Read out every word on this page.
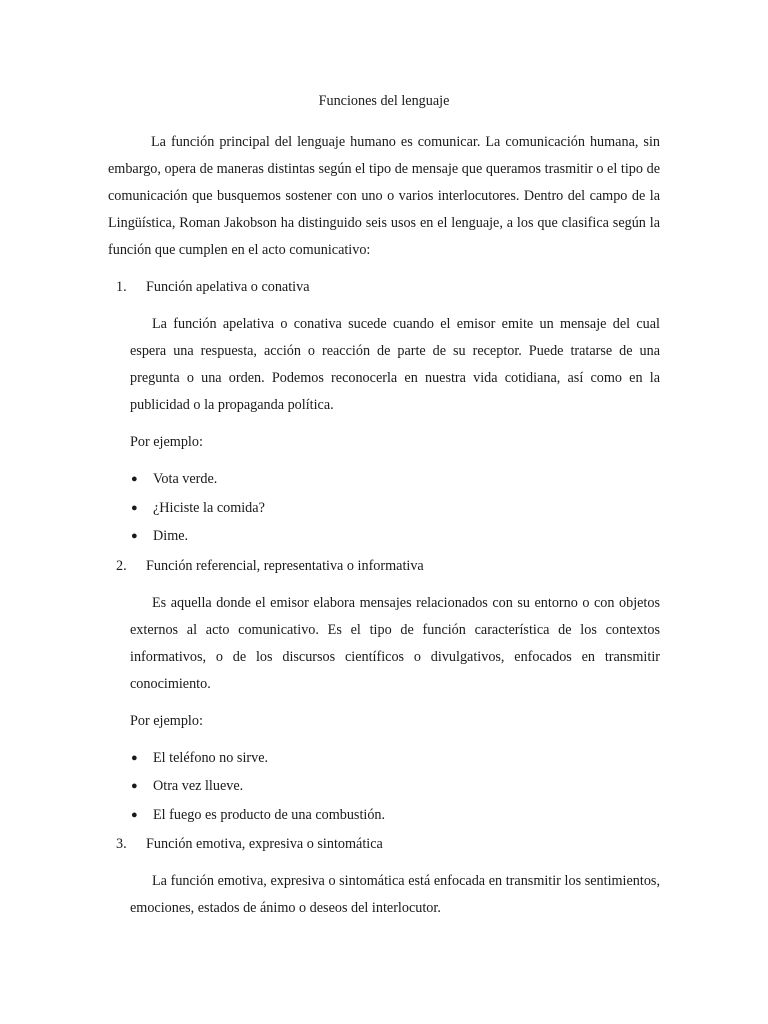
Funciones del lenguaje

La función principal del lenguaje humano es comunicar. La comunicación humana, sin embargo, opera de maneras distintas según el tipo de mensaje que queramos trasmitir o el tipo de comunicación que busquemos sostener con uno o varios interlocutores. Dentro del campo de la Lingüística, Roman Jakobson ha distinguido seis usos en el lenguaje, a los que clasifica según la función que cumplen en el acto comunicativo:

1.	Función apelativa o conativa

La función apelativa o conativa sucede cuando el emisor emite un mensaje del cual espera una respuesta, acción o reacción de parte de su receptor. Puede tratarse de una pregunta o una orden. Podemos reconocerla en nuestra vida cotidiana, así como en la publicidad o la propaganda política.

Por ejemplo:
●	Vota verde.
●	¿Hiciste la comida?
●	Dime.
2.	Función referencial, representativa o informativa

Es aquella donde el emisor elabora mensajes relacionados con su entorno o con objetos externos al acto comunicativo. Es el tipo de función característica de los contextos informativos, o de los discursos científicos o divulgativos, enfocados en transmitir conocimiento.

Por ejemplo:
●	El teléfono no sirve.
●	Otra vez llueve.
●	El fuego es producto de una combustión.
3.	Función emotiva, expresiva o sintomática

La función emotiva, expresiva o sintomática está enfocada en transmitir los sentimientos, emociones, estados de ánimo o deseos del interlocutor.
